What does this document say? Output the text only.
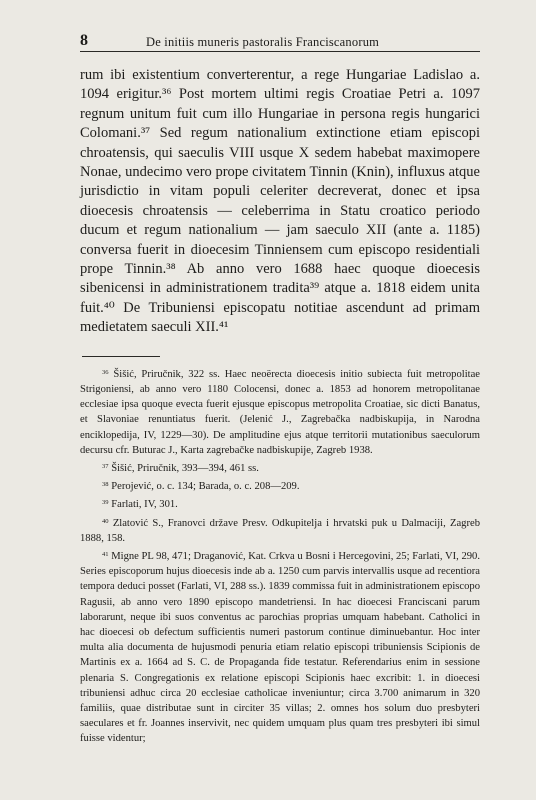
8	De initiis muneris pastoralis Franciscanorum

rum ibi existentium converterentur, a rege Hungariae Ladislao a. 1094 erigitur.³⁶ Post mortem ultimi regis Croatiae Petri a. 1097 regnum unitum fuit cum illo Hungariae in persona regis hungarici Colomani.³⁷ Sed regum nationalium extinctione etiam episcopi chroatensis, qui saeculis VIII usque X sedem habebat maximopere Nonae, undecimo vero prope civitatem Tinnin (Knin), influxus atque jurisdictio in vitam populi celeriter decreverat, donec et ipsa dioecesis chroatensis — celeberrima in Statu croatico periodo ducum et regum nationalium — jam saeculo XII (ante a. 1185) conversa fuerit in dioecesim Tinniensem cum episcopo residentiali prope Tinnin.³⁸ Ab anno vero 1688 haec quoque dioecesis sibenicensi in administrationem tradita³⁹ atque a. 1818 eidem unita fuit.⁴⁰ De Tribuniensi episcopatu notitiae ascendunt ad primam medietatem saeculi XII.⁴¹

$^{36}$ Šišić, Priručnik, 322 ss. Haec neoërecta dioecesis initio subiecta fuit metropolitae Strigoniensi, ab anno vero 1180 Colocensi, donec a. 1853 ad honorem metropolitanae ecclesiae ipsa quoque evecta fuerit ejusque episcopus metropolita Croatiae, sic dicti Banatus, et Slavoniae renuntiatus fuerit. (Jelenić J., Zagrebačka nadbiskupija, in Narodna enciklopedija, IV, 1229—30). De amplitudine ejus atque territorii mutationibus saeculorum decursu cfr. Buturac J., Karta zagrebačke nadbiskupije, Zagreb 1938.

$^{37}$ Šišić, Priručnik, 393—394, 461 ss.

$^{38}$ Perojević, o. c. 134; Barada, o. c. 208—209.

$^{39}$ Farlati, IV, 301.

$^{40}$ Zlatović S., Franovci države Presv. Odkupitelja i hrvatski puk u Dalmaciji, Zagreb 1888, 158.

$^{41}$ Migne PL 98, 471; Draganović, Kat. Crkva u Bosni i Hercegovini, 25; Farlati, VI, 290. Series episcoporum hujus dioecesis inde ab a. 1250 cum parvis intervallis usque ad recentiora tempora deduci posset (Farlati, VI, 288 ss.). 1839 commissa fuit in administrationem episcopo Ragusii, ab anno vero 1890 episcopo mandetriensi. In hac dioecesi Franciscani parum laborarunt, neque ibi suos conventus ac parochias proprias umquam habebant. Catholici in hac dioecesi ob defectum sufficientis numeri pastorum continue diminuebantur. Hoc inter multa alia documenta de hujusmodi penuria etiam relatio episcopi tribuniensis Scipionis de Martinis ex a. 1664 ad S. C. de Propaganda fide testatur. Referendarius enim in sessione plenaria S. Congregationis ex relatione episcopi Scipionis haec excribit: 1. in dioecesi tribuniensi adhuc circa 20 ecclesiae catholicae inveniuntur; circa 3.700 animarum in 320 familiis, quae distributae sunt in circiter 35 villas; 2. omnes hos solum duo presbyteri saeculares et fr. Joannes inservivit, nec quidem umquam plus quam tres presbyteri ibi simul fuisse videntur;
